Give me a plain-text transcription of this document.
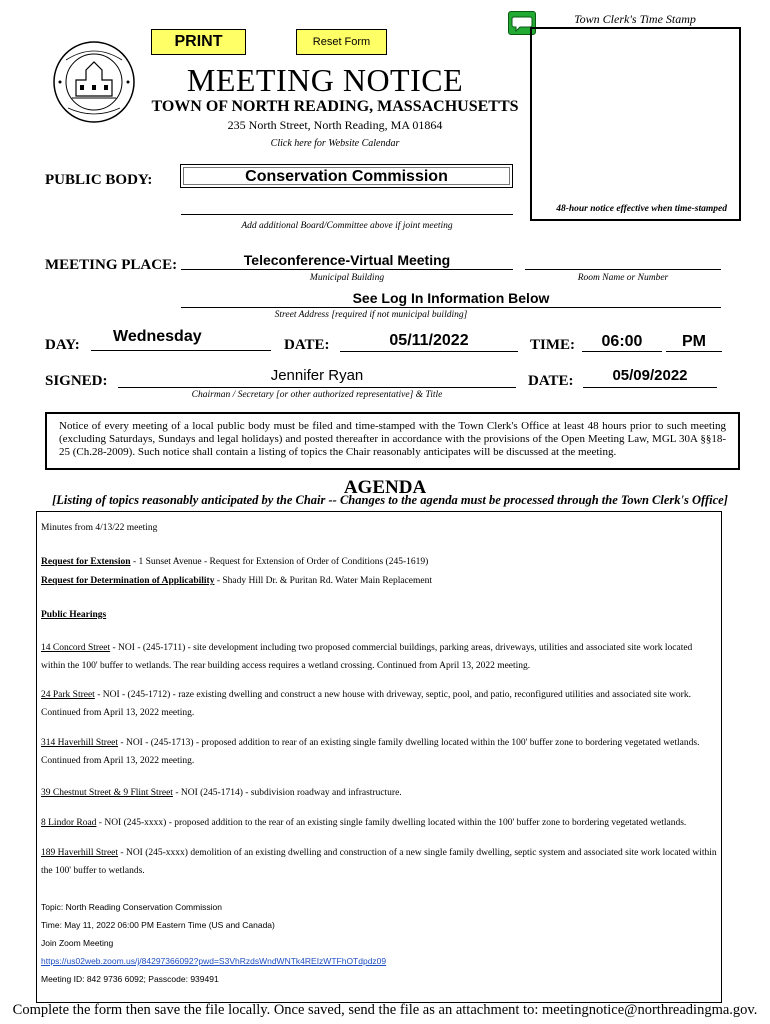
PRINT	Reset Form
Town Clerk's Time Stamp
48-hour notice effective when time-stamped
MEETING NOTICE
TOWN OF NORTH READING, MASSACHUSETTS
235 North Street, North Reading, MA 01864
Click here for Website Calendar
PUBLIC BODY:	Conservation Commission
Add additional Board/Committee above if joint meeting
MEETING PLACE:	Teleconference-Virtual Meeting
Municipal Building	Room Name or Number
See Log In Information Below
Street Address [required if not municipal building]
DAY:	Wednesday	DATE:	05/11/2022	TIME:	06:00	PM
SIGNED:	Jennifer Ryan
Chairman / Secretary [or other authorized representative] & Title
DATE:	05/09/2022
Notice of every meeting of a local public body must be filed and time-stamped with the Town Clerk's Office at least 48 hours prior to such meeting (excluding Saturdays, Sundays and legal holidays) and posted thereafter in accordance with the provisions of the Open Meeting Law, MGL 30A §§18-25 (Ch.28-2009). Such notice shall contain a listing of topics the Chair reasonably anticipates will be discussed at the meeting.
AGENDA
[Listing of topics reasonably anticipated by the Chair -- Changes to the agenda must be processed through the Town Clerk's Office]

Minutes from 4/13/22 meeting

Request for Extension - 1 Sunset Avenue - Request for Extension of Order of Conditions (245-1619)

Request for Determination of Applicability - Shady Hill Dr. & Puritan Rd. Water Main Replacement

Public Hearings

14 Concord Street - NOI - (245-1711) - site development including two proposed commercial buildings, parking areas, driveways, utilities and associated site work located within the 100' buffer to wetlands. The rear building access requires a wetland crossing. Continued from April 13, 2022 meeting.

24 Park Street - NOI - (245-1712) - raze existing dwelling and construct a new house with driveway, septic, pool, and patio, reconfigured utilities and associated site work. Continued from April 13, 2022 meeting.

314 Haverhill Street - NOI - (245-1713) - proposed addition to rear of an existing single family dwelling located within the 100' buffer zone to bordering vegetated wetlands. Continued from April 13, 2022 meeting.

39 Chestnut Street & 9 Flint Street - NOI (245-1714) - subdivision roadway and infrastructure.

8 Lindor Road - NOI (245-xxxx) - proposed addition to the rear of an existing single family dwelling located within the 100' buffer zone to bordering vegetated wetlands.

189 Haverhill Street - NOI (245-xxxx) demolition of an existing dwelling and construction of a new single family dwelling, septic system and associated site work located within the 100' buffer to wetlands.

Topic: North Reading Conservation Commission
Time: May 11, 2022 06:00 PM Eastern Time (US and Canada)
Join Zoom Meeting
https://us02web.zoom.us/j/84297366092?pwd=S3VhRzdsWndWNTk4REIzWTFhOTdpdz09
Meeting ID: 842 9736 6092; Passcode: 939491
Complete the form then save the file locally. Once saved, send the file as an attachment to: meetingnotice@northreadingma.gov.
